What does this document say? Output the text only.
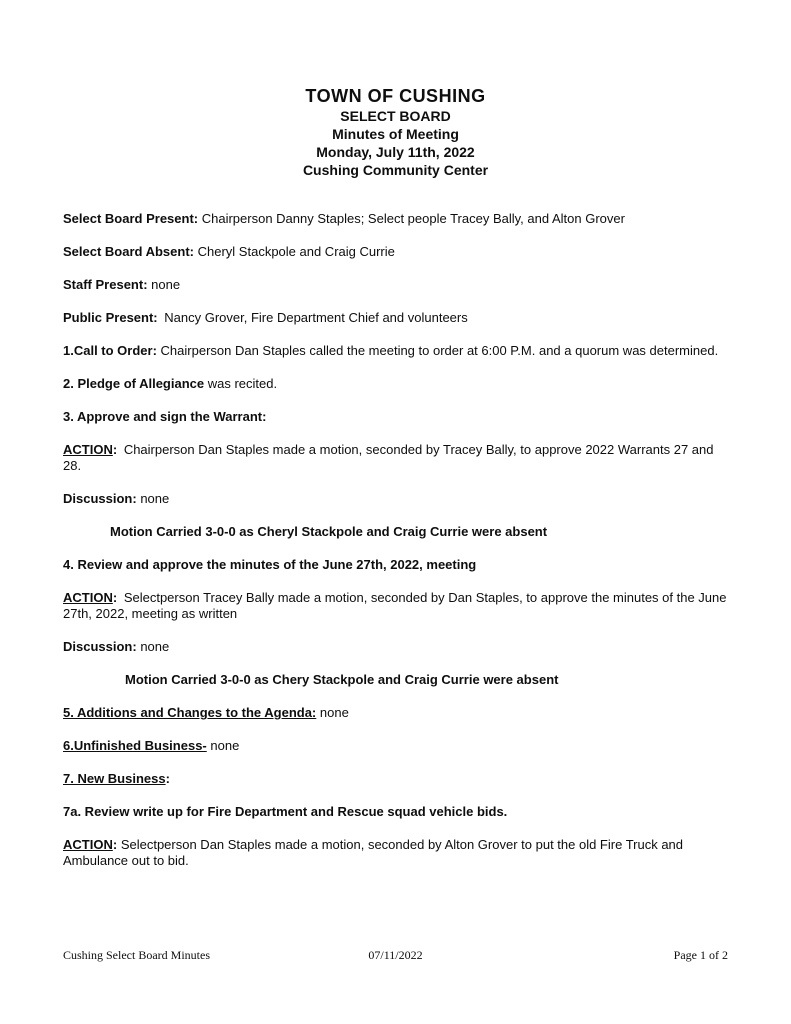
TOWN OF CUSHING
SELECT BOARD
Minutes of Meeting
Monday, July 11th, 2022
Cushing Community Center

Select Board Present: Chairperson Danny Staples; Select people Tracey Bally, and Alton Grover

Select Board Absent: Cheryl Stackpole and Craig Currie

Staff Present: none

Public Present: Nancy Grover, Fire Department Chief and volunteers

1.Call to Order: Chairperson Dan Staples called the meeting to order at 6:00 P.M. and a quorum was determined.

2. Pledge of Allegiance was recited.

3. Approve and sign the Warrant:

ACTION: Chairperson Dan Staples made a motion, seconded by Tracey Bally, to approve 2022 Warrants 27 and 28.

Discussion: none

Motion Carried 3-0-0 as Cheryl Stackpole and Craig Currie were absent

4. Review and approve the minutes of the June 27th, 2022, meeting

ACTION: Selectperson Tracey Bally made a motion, seconded by Dan Staples, to approve the minutes of the June 27th, 2022, meeting as written

Discussion: none

Motion Carried 3-0-0 as Chery Stackpole and Craig Currie were absent

5. Additions and Changes to the Agenda: none

6.Unfinished Business- none

7. New Business:

7a. Review write up for Fire Department and Rescue squad vehicle bids.

ACTION: Selectperson Dan Staples made a motion, seconded by Alton Grover to put the old Fire Truck and Ambulance out to bid.

Cushing Select Board Minutes	07/11/2022	Page 1 of 2
